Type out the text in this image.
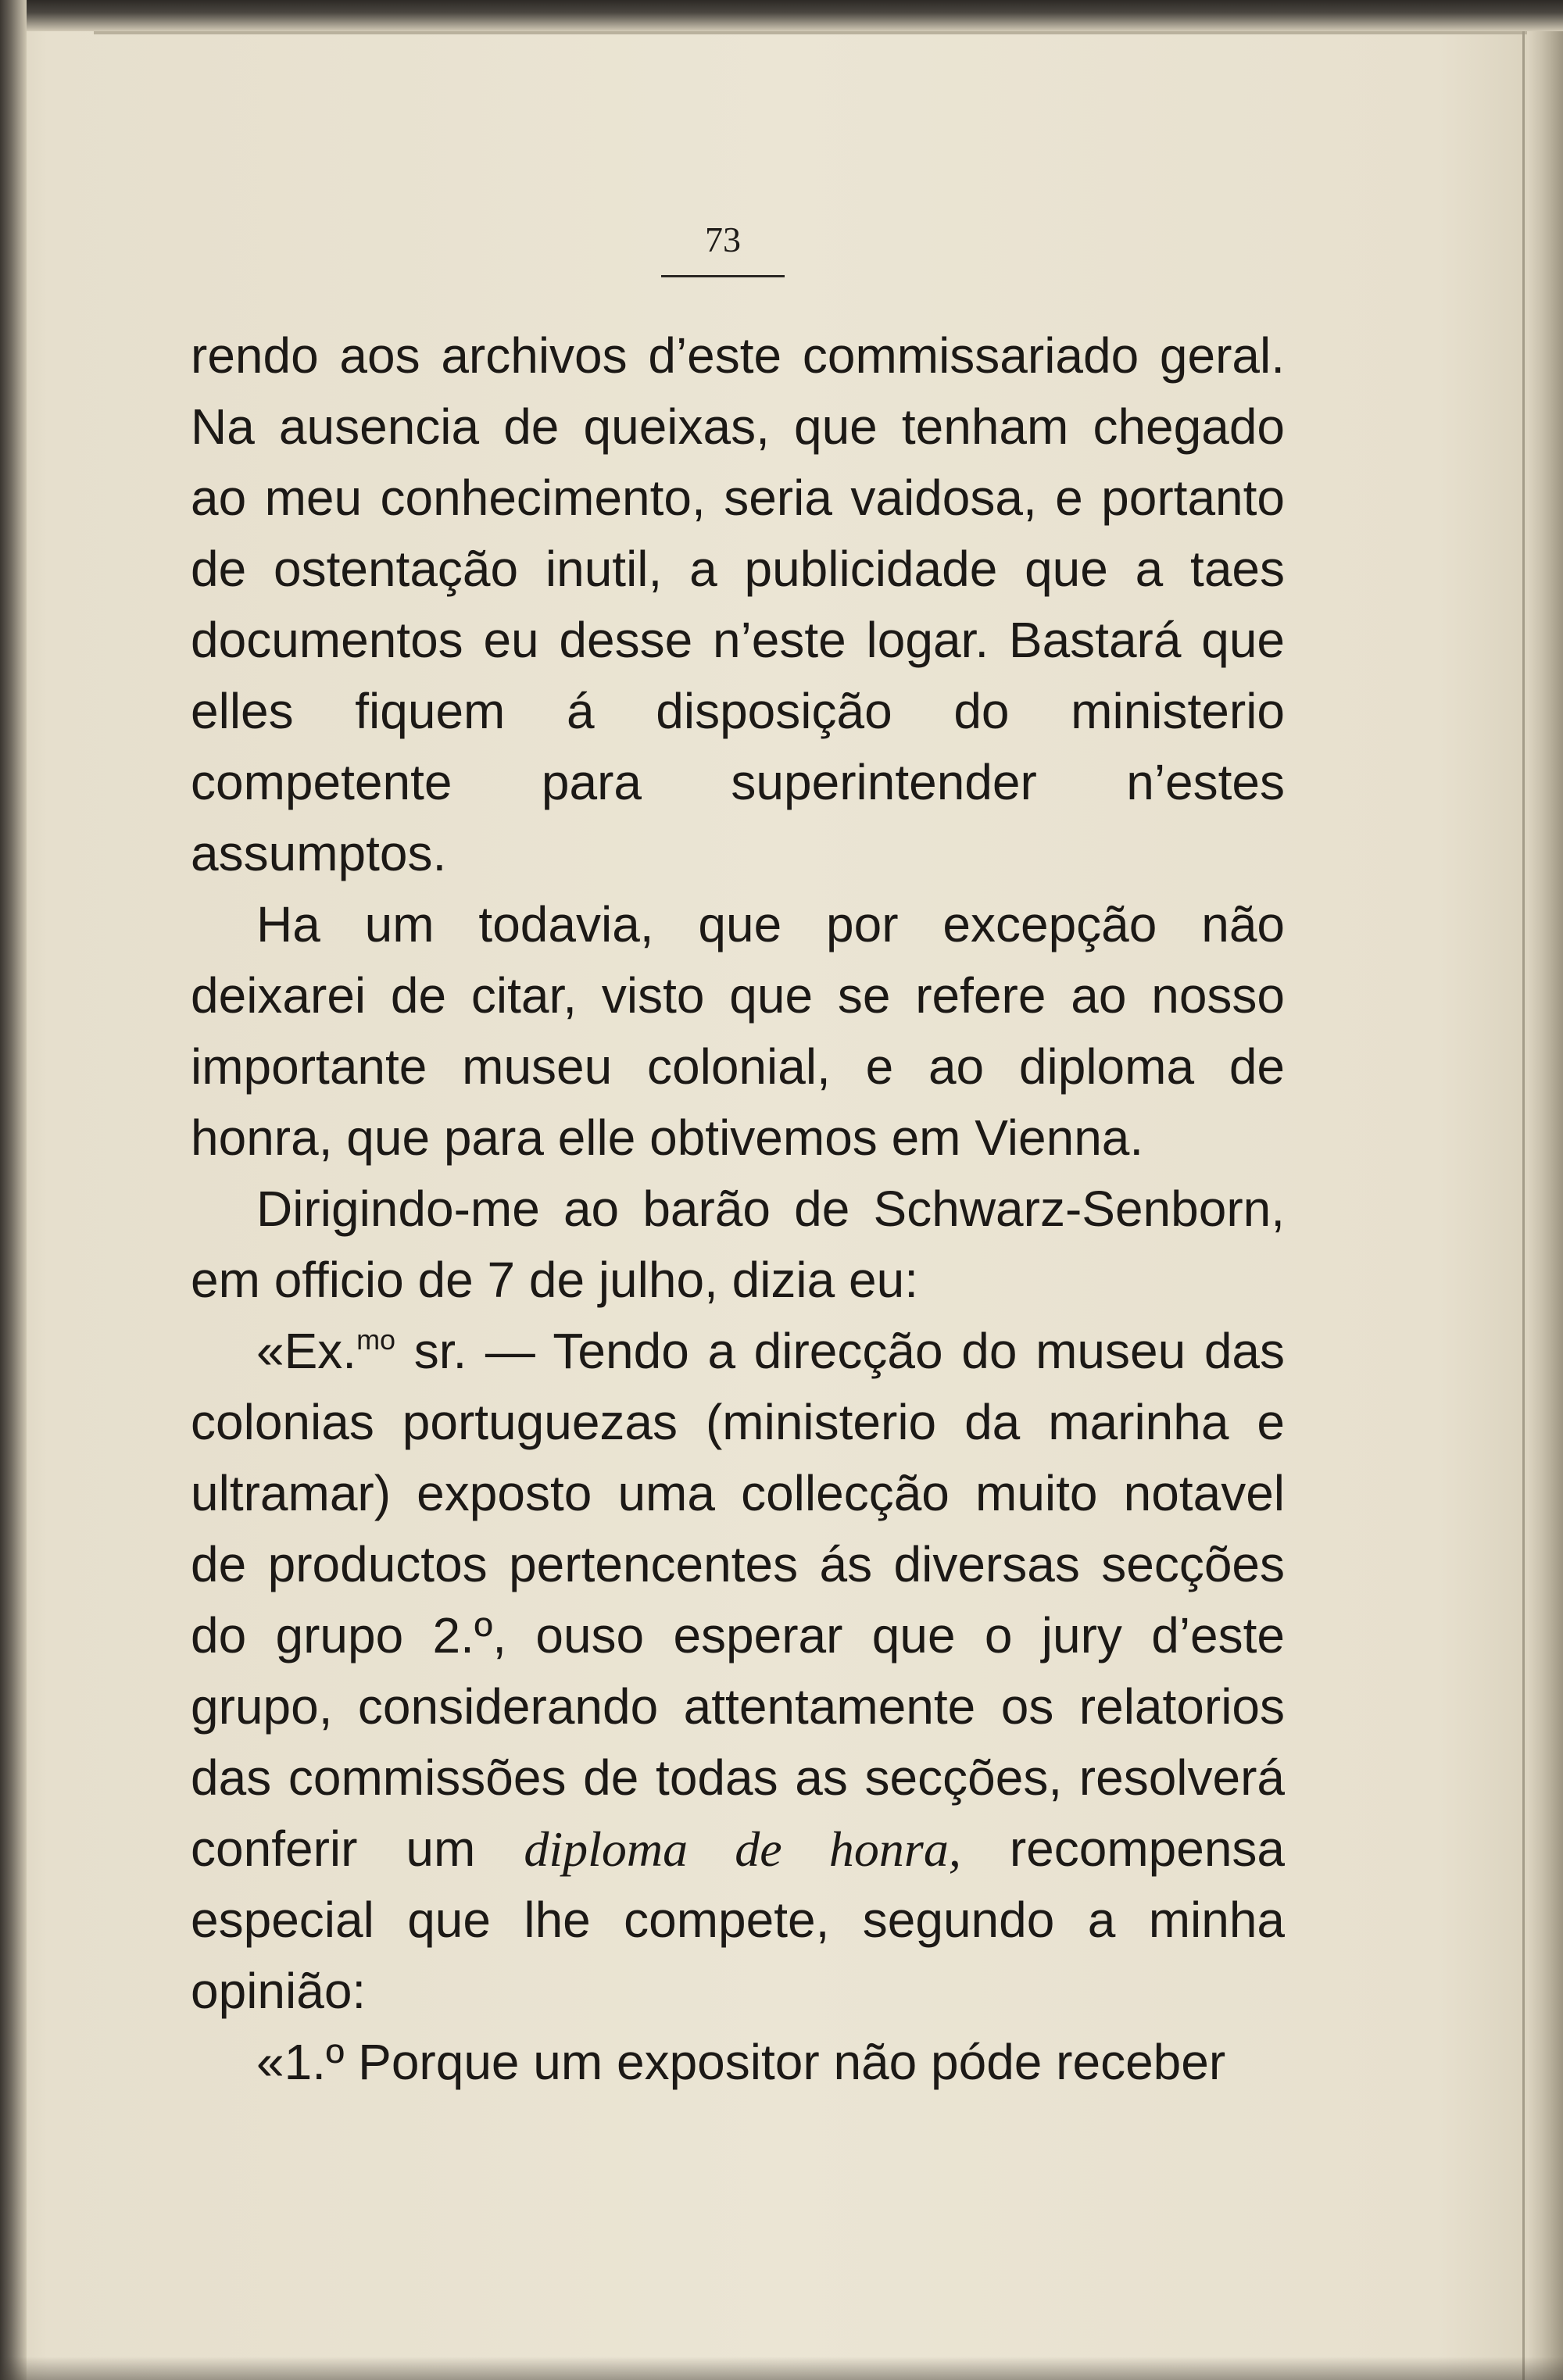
73

rendo aos archivos d’este commissariado geral. Na ausencia de queixas, que tenham chegado ao meu conhecimento, seria vaidosa, e portanto de ostentação inutil, a publicidade que a taes documentos eu desse n’este logar. Bastará que elles fiquem á disposição do ministerio competente para superintender n’estes assumptos.

Ha um todavia, que por excepção não deixarei de citar, visto que se refere ao nosso importante museu colonial, e ao diploma de honra, que para elle obtivemos em Vienna.

Dirigindo-me ao barão de Schwarz-Senborn, em officio de 7 de julho, dizia eu:

«Ex.$^{mo}$ sr. — Tendo a direcção do museu das colonias portuguezas (ministerio da marinha e ultramar) exposto uma collecção muito notavel de productos pertencentes ás diversas secções do grupo 2.º, ouso esperar que o jury d’este grupo, considerando attentamente os relatorios das commissões de todas as secções, resolverá conferir um diploma de honra, recompensa especial que lhe compete, segundo a minha opinião:

«1.º Porque um expositor não póde receber
